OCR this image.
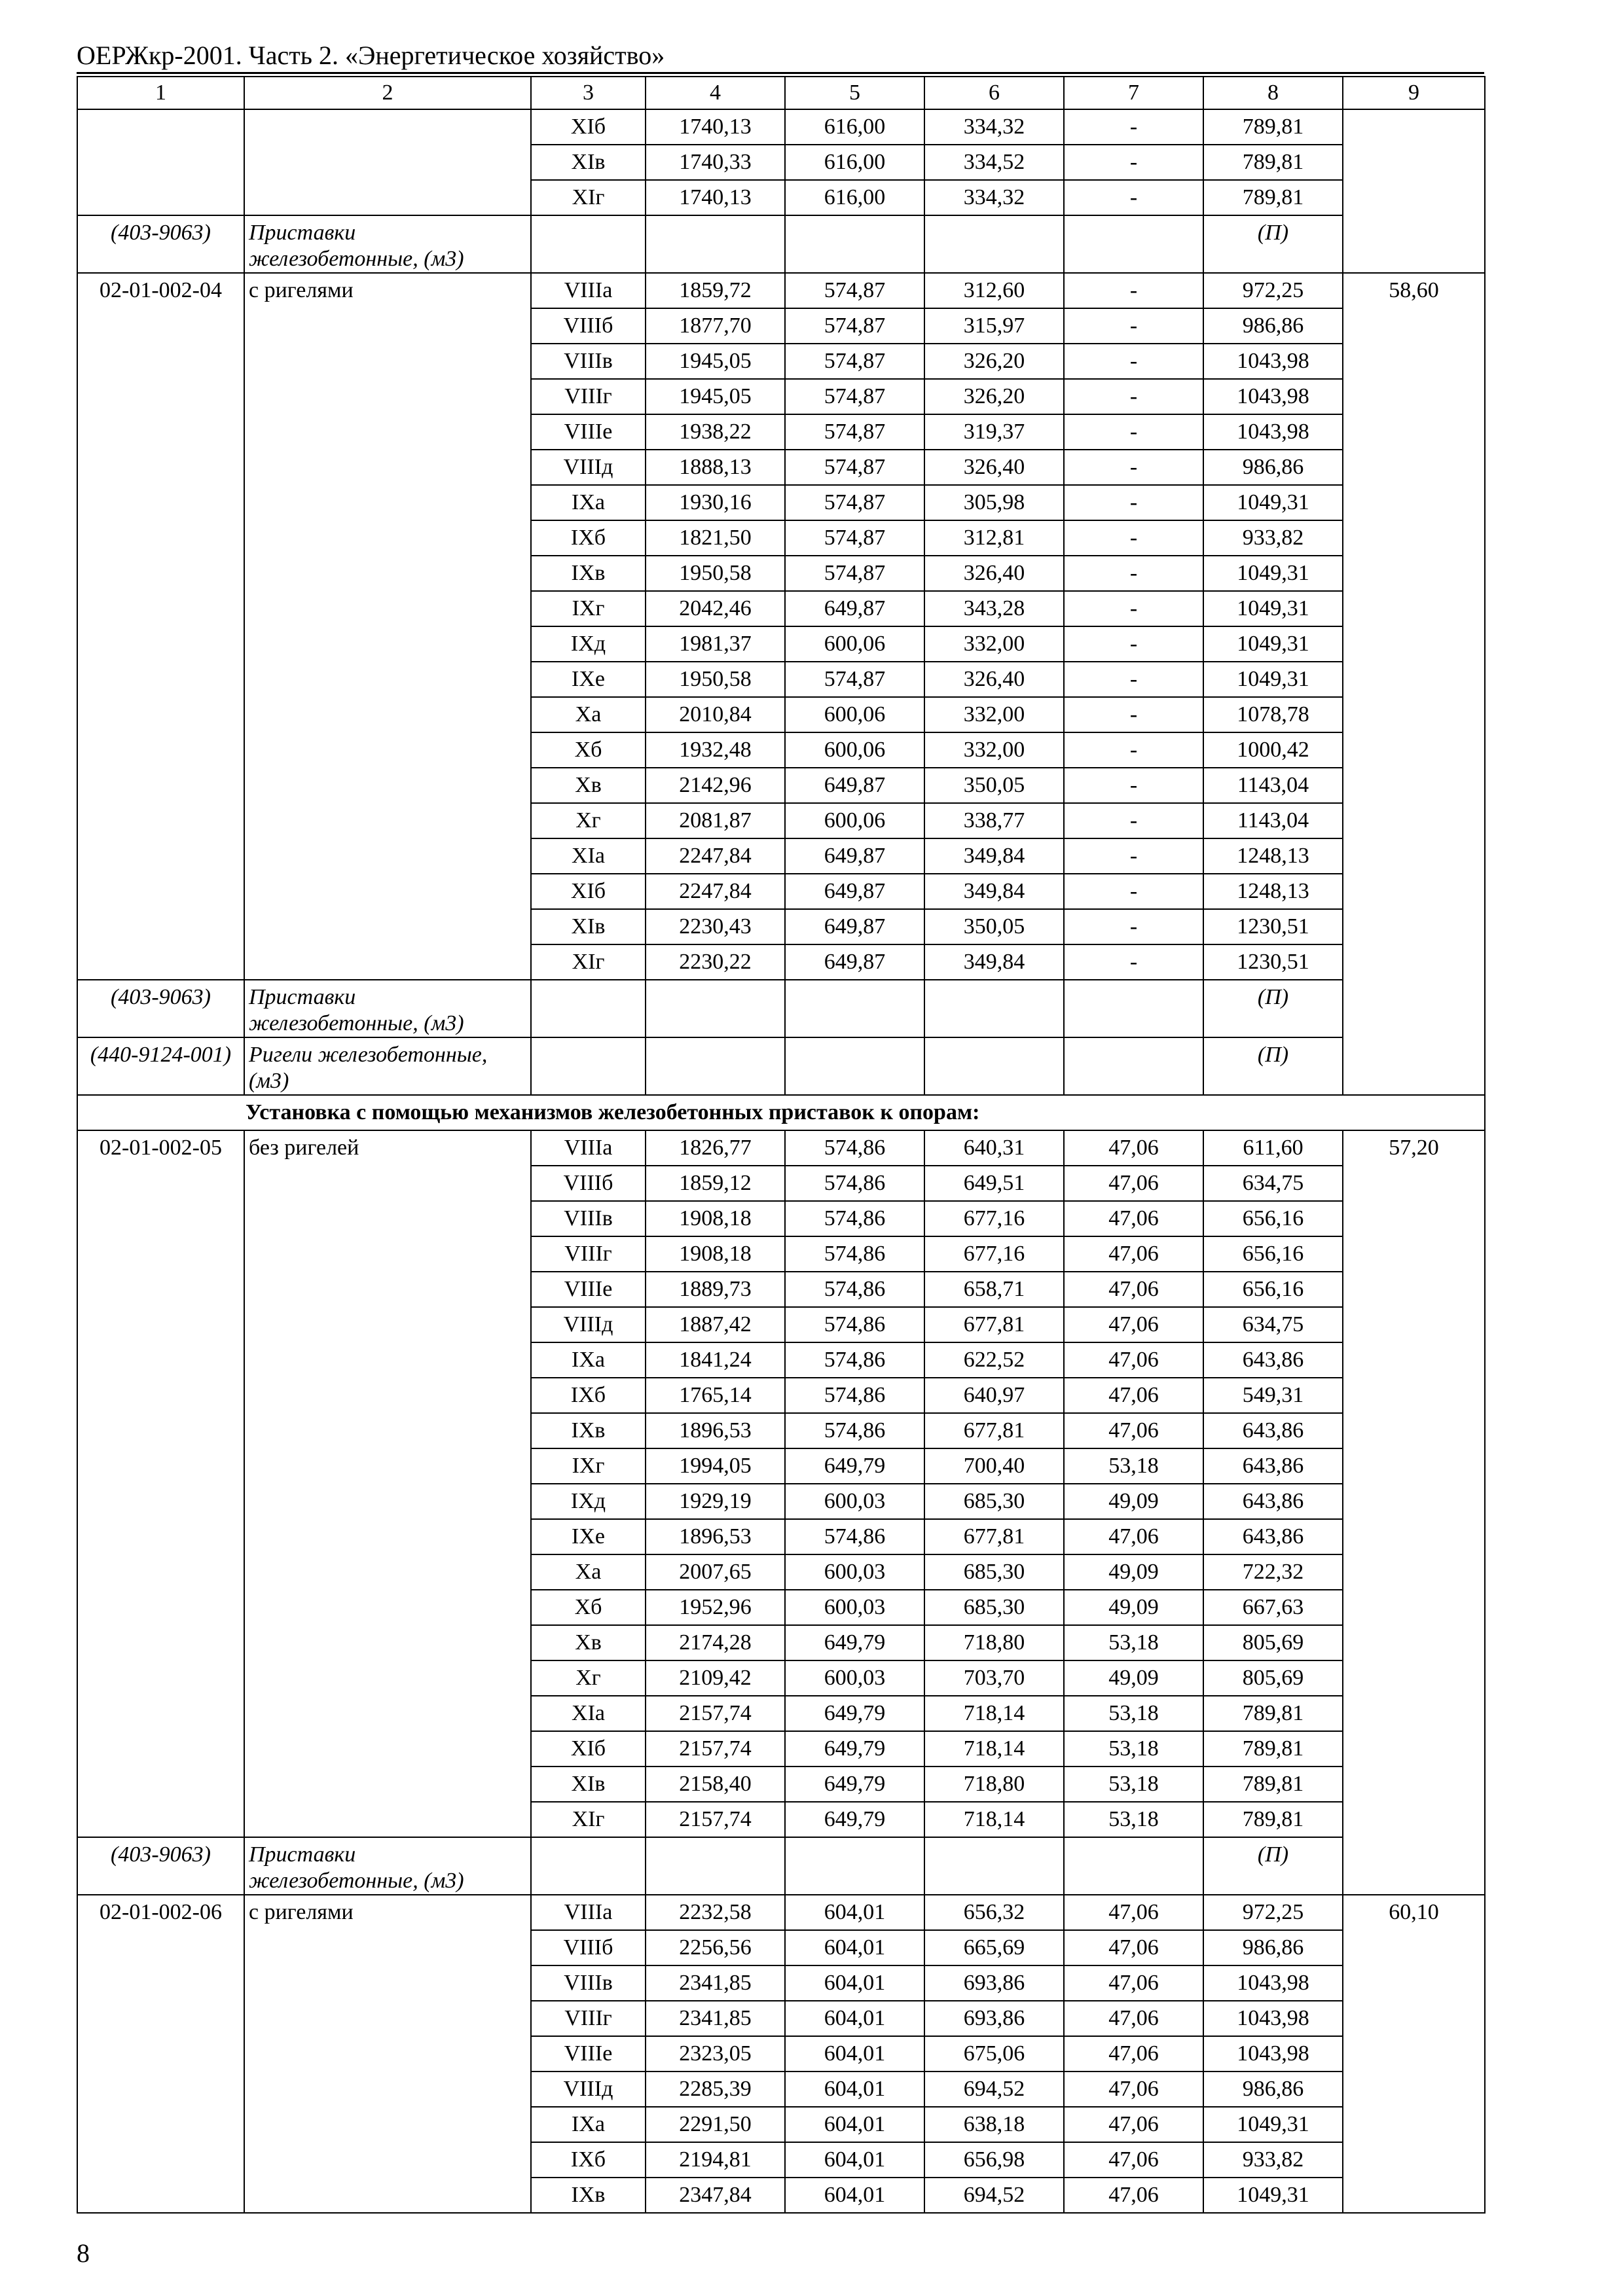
ОЕРЖкр-2001. Часть 2. «Энергетическое хозяйство»
1	2	3	4	5	6	7	8	9
		XIб	1740,13	616,00	334,32	-	789,81	
		XIв	1740,33	616,00	334,52	-	789,81	
		XIг	1740,13	616,00	334,32	-	789,81	
(403-9063)	Приставки железобетонные, (м3)						(П)	
02-01-002-04	с ригелями	VIIIа	1859,72	574,87	312,60	-	972,25	58,60
		VIIIб	1877,70	574,87	315,97	-	986,86	
		VIIIв	1945,05	574,87	326,20	-	1043,98	
		VIIIг	1945,05	574,87	326,20	-	1043,98	
		VIIIе	1938,22	574,87	319,37	-	1043,98	
		VIIIд	1888,13	574,87	326,40	-	986,86	
		IXа	1930,16	574,87	305,98	-	1049,31	
		IXб	1821,50	574,87	312,81	-	933,82	
		IXв	1950,58	574,87	326,40	-	1049,31	
		IXг	2042,46	649,87	343,28	-	1049,31	
		IXд	1981,37	600,06	332,00	-	1049,31	
		IXе	1950,58	574,87	326,40	-	1049,31	
		Xа	2010,84	600,06	332,00	-	1078,78	
		Xб	1932,48	600,06	332,00	-	1000,42	
		Xв	2142,96	649,87	350,05	-	1143,04	
		Xг	2081,87	600,06	338,77	-	1143,04	
		XIа	2247,84	649,87	349,84	-	1248,13	
		XIб	2247,84	649,87	349,84	-	1248,13	
		XIв	2230,43	649,87	350,05	-	1230,51	
		XIг	2230,22	649,87	349,84	-	1230,51	
(403-9063)	Приставки железобетонные, (м3)						(П)	
(440-9124-001)	Ригели железобетонные, (м3)						(П)	
Установка с помощью механизмов железобетонных приставок к опорам:								
02-01-002-05	без ригелей	VIIIа	1826,77	574,86	640,31	47,06	611,60	57,20
		VIIIб	1859,12	574,86	649,51	47,06	634,75	
		VIIIв	1908,18	574,86	677,16	47,06	656,16	
		VIIIг	1908,18	574,86	677,16	47,06	656,16	
		VIIIе	1889,73	574,86	658,71	47,06	656,16	
		VIIIд	1887,42	574,86	677,81	47,06	634,75	
		IXа	1841,24	574,86	622,52	47,06	643,86	
		IXб	1765,14	574,86	640,97	47,06	549,31	
		IXв	1896,53	574,86	677,81	47,06	643,86	
		IXг	1994,05	649,79	700,40	53,18	643,86	
		IXд	1929,19	600,03	685,30	49,09	643,86	
		IXе	1896,53	574,86	677,81	47,06	643,86	
		Xа	2007,65	600,03	685,30	49,09	722,32	
		Xб	1952,96	600,03	685,30	49,09	667,63	
		Xв	2174,28	649,79	718,80	53,18	805,69	
		Xг	2109,42	600,03	703,70	49,09	805,69	
		XIа	2157,74	649,79	718,14	53,18	789,81	
		XIб	2157,74	649,79	718,14	53,18	789,81	
		XIв	2158,40	649,79	718,80	53,18	789,81	
		XIг	2157,74	649,79	718,14	53,18	789,81	
(403-9063)	Приставки железобетонные, (м3)						(П)	
02-01-002-06	с ригелями	VIIIа	2232,58	604,01	656,32	47,06	972,25	60,10
		VIIIб	2256,56	604,01	665,69	47,06	986,86	
		VIIIв	2341,85	604,01	693,86	47,06	1043,98	
		VIIIг	2341,85	604,01	693,86	47,06	1043,98	
		VIIIе	2323,05	604,01	675,06	47,06	1043,98	
		VIIIд	2285,39	604,01	694,52	47,06	986,86	
		IXа	2291,50	604,01	638,18	47,06	1049,31	
		IXб	2194,81	604,01	656,98	47,06	933,82	
		IXв	2347,84	604,01	694,52	47,06	1049,31	
8
